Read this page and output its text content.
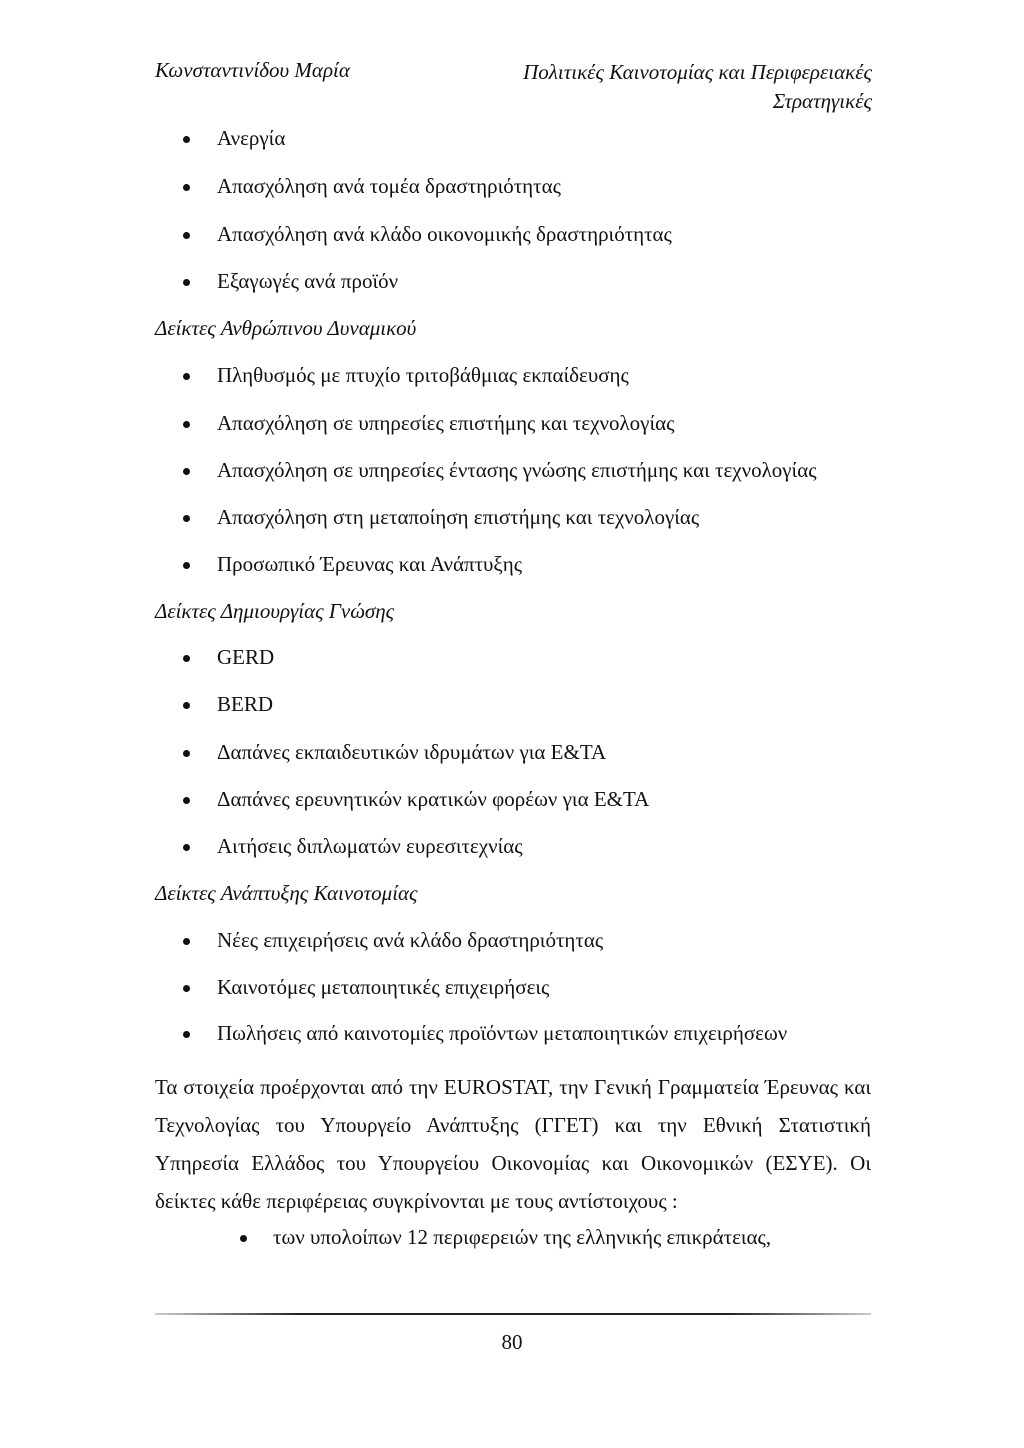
Κωνσταντινίδου Μαρία	Πολιτικές Καινοτομίας και Περιφερειακές
Στρατηγικές
Ανεργία
Απασχόληση ανά τομέα δραστηριότητας
Απασχόληση ανά κλάδο οικονομικής δραστηριότητας
Εξαγωγές ανά προϊόν
Δείκτες Ανθρώπινου Δυναμικού
Πληθυσμός με πτυχίο τριτοβάθμιας εκπαίδευσης
Απασχόληση σε υπηρεσίες επιστήμης και τεχνολογίας
Απασχόληση σε υπηρεσίες έντασης γνώσης επιστήμης και τεχνολογίας
Απασχόληση στη μεταποίηση επιστήμης και τεχνολογίας
Προσωπικό Έρευνας και Ανάπτυξης
Δείκτες Δημιουργίας Γνώσης
GERD
BERD
Δαπάνες εκπαιδευτικών ιδρυμάτων για Ε&ΤΑ
Δαπάνες ερευνητικών κρατικών φορέων για Ε&ΤΑ
Αιτήσεις διπλωματών ευρεσιτεχνίας
Δείκτες Ανάπτυξης Καινοτομίας
Νέες επιχειρήσεις ανά κλάδο δραστηριότητας
Καινοτόμες μεταποιητικές επιχειρήσεις
Πωλήσεις από καινοτομίες προϊόντων μεταποιητικών επιχειρήσεων
Τα στοιχεία προέρχονται από την EUROSTAT, την Γενική Γραμματεία Έρευνας και Τεχνολογίας του Υπουργείο Ανάπτυξης (ΓΓΕΤ) και την Εθνική Στατιστική Υπηρεσία Ελλάδος του Υπουργείου Οικονομίας και Οικονομικών (ΕΣΥΕ). Οι δείκτες κάθε περιφέρειας συγκρίνονται με τους αντίστοιχους :
των υπολοίπων 12 περιφερειών της ελληνικής επικράτειας,
80
